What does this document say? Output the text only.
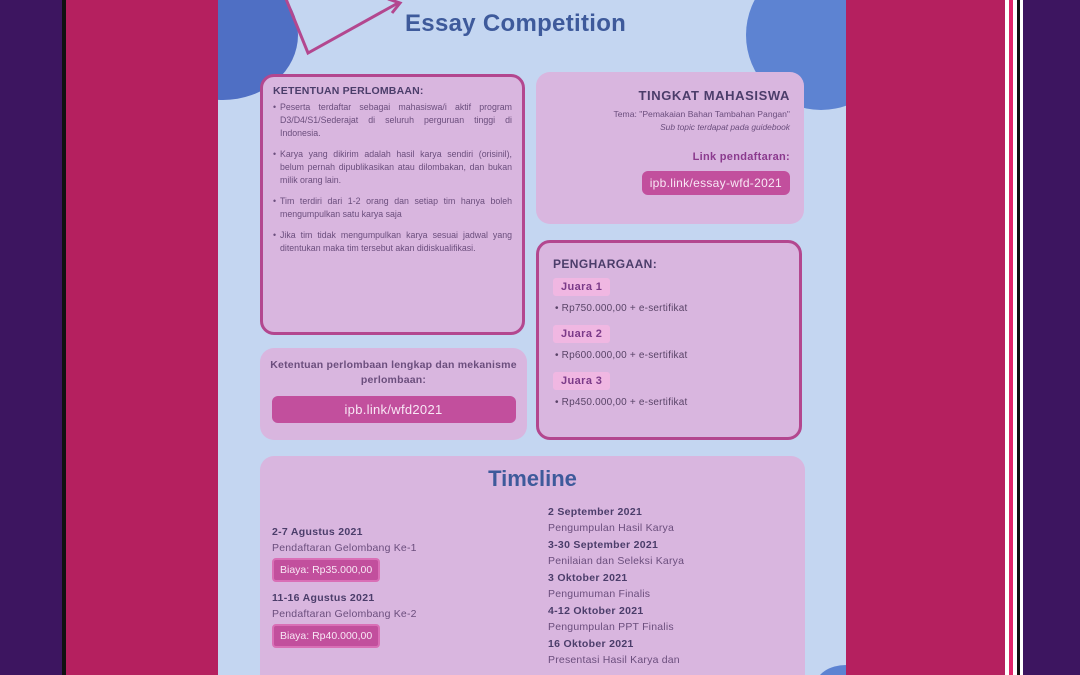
Essay Competition
KETENTUAN PERLOMBAAN:
• Peserta terdaftar sebagai mahasiswa/i aktif program D3/D4/S1/Sederajat di seluruh perguruan tinggi di Indonesia.
• Karya yang dikirim adalah hasil karya sendiri (orisinil), belum pernah dipublikasikan atau dilombakan, dan bukan milik orang lain.
• Tim terdiri dari 1-2 orang dan setiap tim hanya boleh mengumpulkan satu karya saja
• Jika tim tidak mengumpulkan karya sesuai jadwal yang ditentukan maka tim tersebut akan didiskualifikasi.
TINGKAT MAHASISWA
Tema: "Pemakaian Bahan Tambahan Pangan"
Sub topic terdapat pada guidebook
Link pendaftaran:
ipb.link/essay-wfd-2021
PENGHARGAAN:
Juara 1
• Rp750.000,00 + e-sertifikat
Juara 2
• Rp600.000,00 + e-sertifikat
Juara 3
• Rp450.000,00 + e-sertifikat
Ketentuan perlombaan lengkap dan mekanisme perlombaan:
ipb.link/wfd2021
Timeline
2-7 Agustus 2021
Pendaftaran Gelombang Ke-1
Biaya: Rp35.000,00
11-16 Agustus 2021
Pendaftaran Gelombang Ke-2
Biaya: Rp40.000,00
2 September 2021
Pengumpulan Hasil Karya
3-30 September 2021
Penilaian dan Seleksi Karya
3 Oktober 2021
Pengumuman Finalis
4-12 Oktober 2021
Pengumpulan PPT Finalis
16 Oktober 2021
Presentasi Hasil Karya dan
